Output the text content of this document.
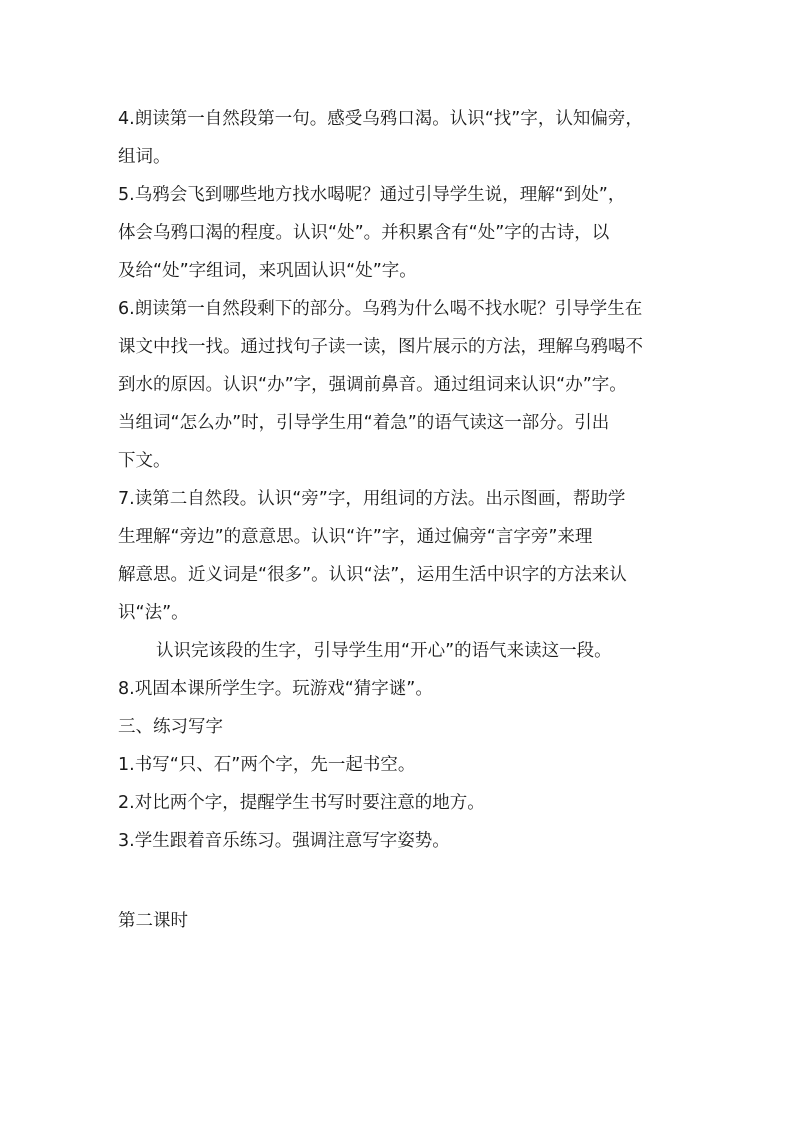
4.朗读第一自然段第一句。感受乌鸦口渴。认识“找”字，认知偏旁，
组词。

5.乌鸦会飞到哪些地方找水喝呢？通过引导学生说，理解“到处”，
体会乌鸦口渴的程度。认识“处”。并积累含有“处”字的古诗，以
及给“处”字组词，来巩固认识“处”字。

6.朗读第一自然段剩下的部分。乌鸦为什么喝不找水呢？引导学生在
课文中找一找。通过找句子读一读，图片展示的方法，理解乌鸦喝不
到水的原因。认识“办”字，强调前鼻音。通过组词来认识“办”字。
当组词“怎么办”时，引导学生用“着急”的语气读这一部分。引出
下文。

7.读第二自然段。认识“旁”字，用组词的方法。出示图画，帮助学
生理解“旁边”的意意思。认识“许”字，通过偏旁“言字旁”来理
解意思。近义词是“很多”。认识“法”，运用生活中识字的方法来认
识“法”。

认识完该段的生字，引导学生用“开心”的语气来读这一段。

8.巩固本课所学生字。玩游戏“猜字谜”。

三、练习写字

1.书写“只、石”两个字，先一起书空。

2.对比两个字，提醒学生书写时要注意的地方。

3.学生跟着音乐练习。强调注意写字姿势。

第二课时
